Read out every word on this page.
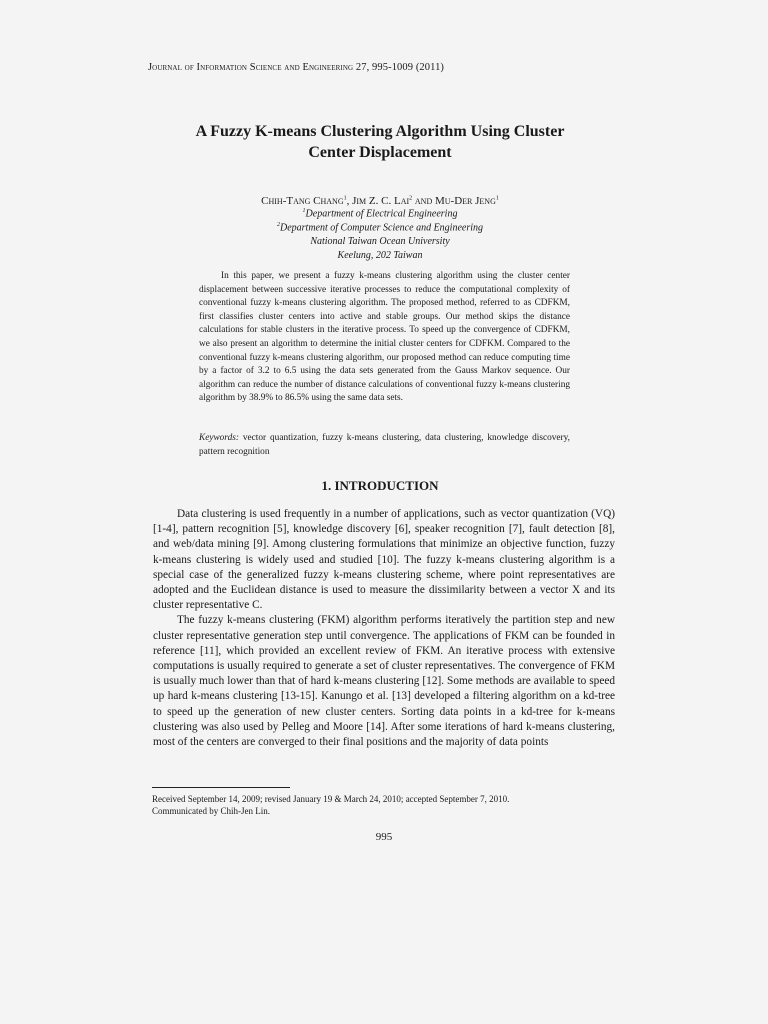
Journal of Information Science and Engineering 27, 995-1009 (2011)
A Fuzzy K-means Clustering Algorithm Using Cluster
Center Displacement
Chih-Tang Chang$^1$, Jim Z. C. Lai$^2$ and Mu-Der Jeng$^1$
$^1$Department of Electrical Engineering
$^2$Department of Computer Science and Engineering
National Taiwan Ocean University
Keelung, 202 Taiwan

In this paper, we present a fuzzy k-means clustering algorithm using the cluster center displacement between successive iterative processes to reduce the computational complexity of conventional fuzzy k-means clustering algorithm. The proposed method, referred to as CDFKM, first classifies cluster centers into active and stable groups. Our method skips the distance calculations for stable clusters in the iterative process. To speed up the convergence of CDFKM, we also present an algorithm to determine the initial cluster centers for CDFKM. Compared to the conventional fuzzy k-means clustering algorithm, our proposed method can reduce computing time by a factor of 3.2 to 6.5 using the data sets generated from the Gauss Markov sequence. Our algorithm can reduce the number of distance calculations of conventional fuzzy k-means clustering algorithm by 38.9% to 86.5% using the same data sets.

Keywords: vector quantization, fuzzy k-means clustering, data clustering, knowledge discovery, pattern recognition
1. INTRODUCTION

Data clustering is used frequently in a number of applications, such as vector quantization (VQ) [1-4], pattern recognition [5], knowledge discovery [6], speaker recognition [7], fault detection [8], and web/data mining [9]. Among clustering formulations that minimize an objective function, fuzzy k-means clustering is widely used and studied [10]. The fuzzy k-means clustering algorithm is a special case of the generalized fuzzy k-means clustering scheme, where point representatives are adopted and the Euclidean distance is used to measure the dissimilarity between a vector X and its cluster representative C.

The fuzzy k-means clustering (FKM) algorithm performs iteratively the partition step and new cluster representative generation step until convergence. The applications of FKM can be founded in reference [11], which provided an excellent review of FKM. An iterative process with extensive computations is usually required to generate a set of cluster representatives. The convergence of FKM is usually much lower than that of hard k-means clustering [12]. Some methods are available to speed up hard k-means clustering [13-15]. Kanungo et al. [13] developed a filtering algorithm on a kd-tree to speed up the generation of new cluster centers. Sorting data points in a kd-tree for k-means clustering was also used by Pelleg and Moore [14]. After some iterations of hard k-means clustering, most of the centers are converged to their final positions and the majority of data points

Received September 14, 2009; revised January 19 & March 24, 2010; accepted September 7, 2010.
Communicated by Chih-Jen Lin.
995
